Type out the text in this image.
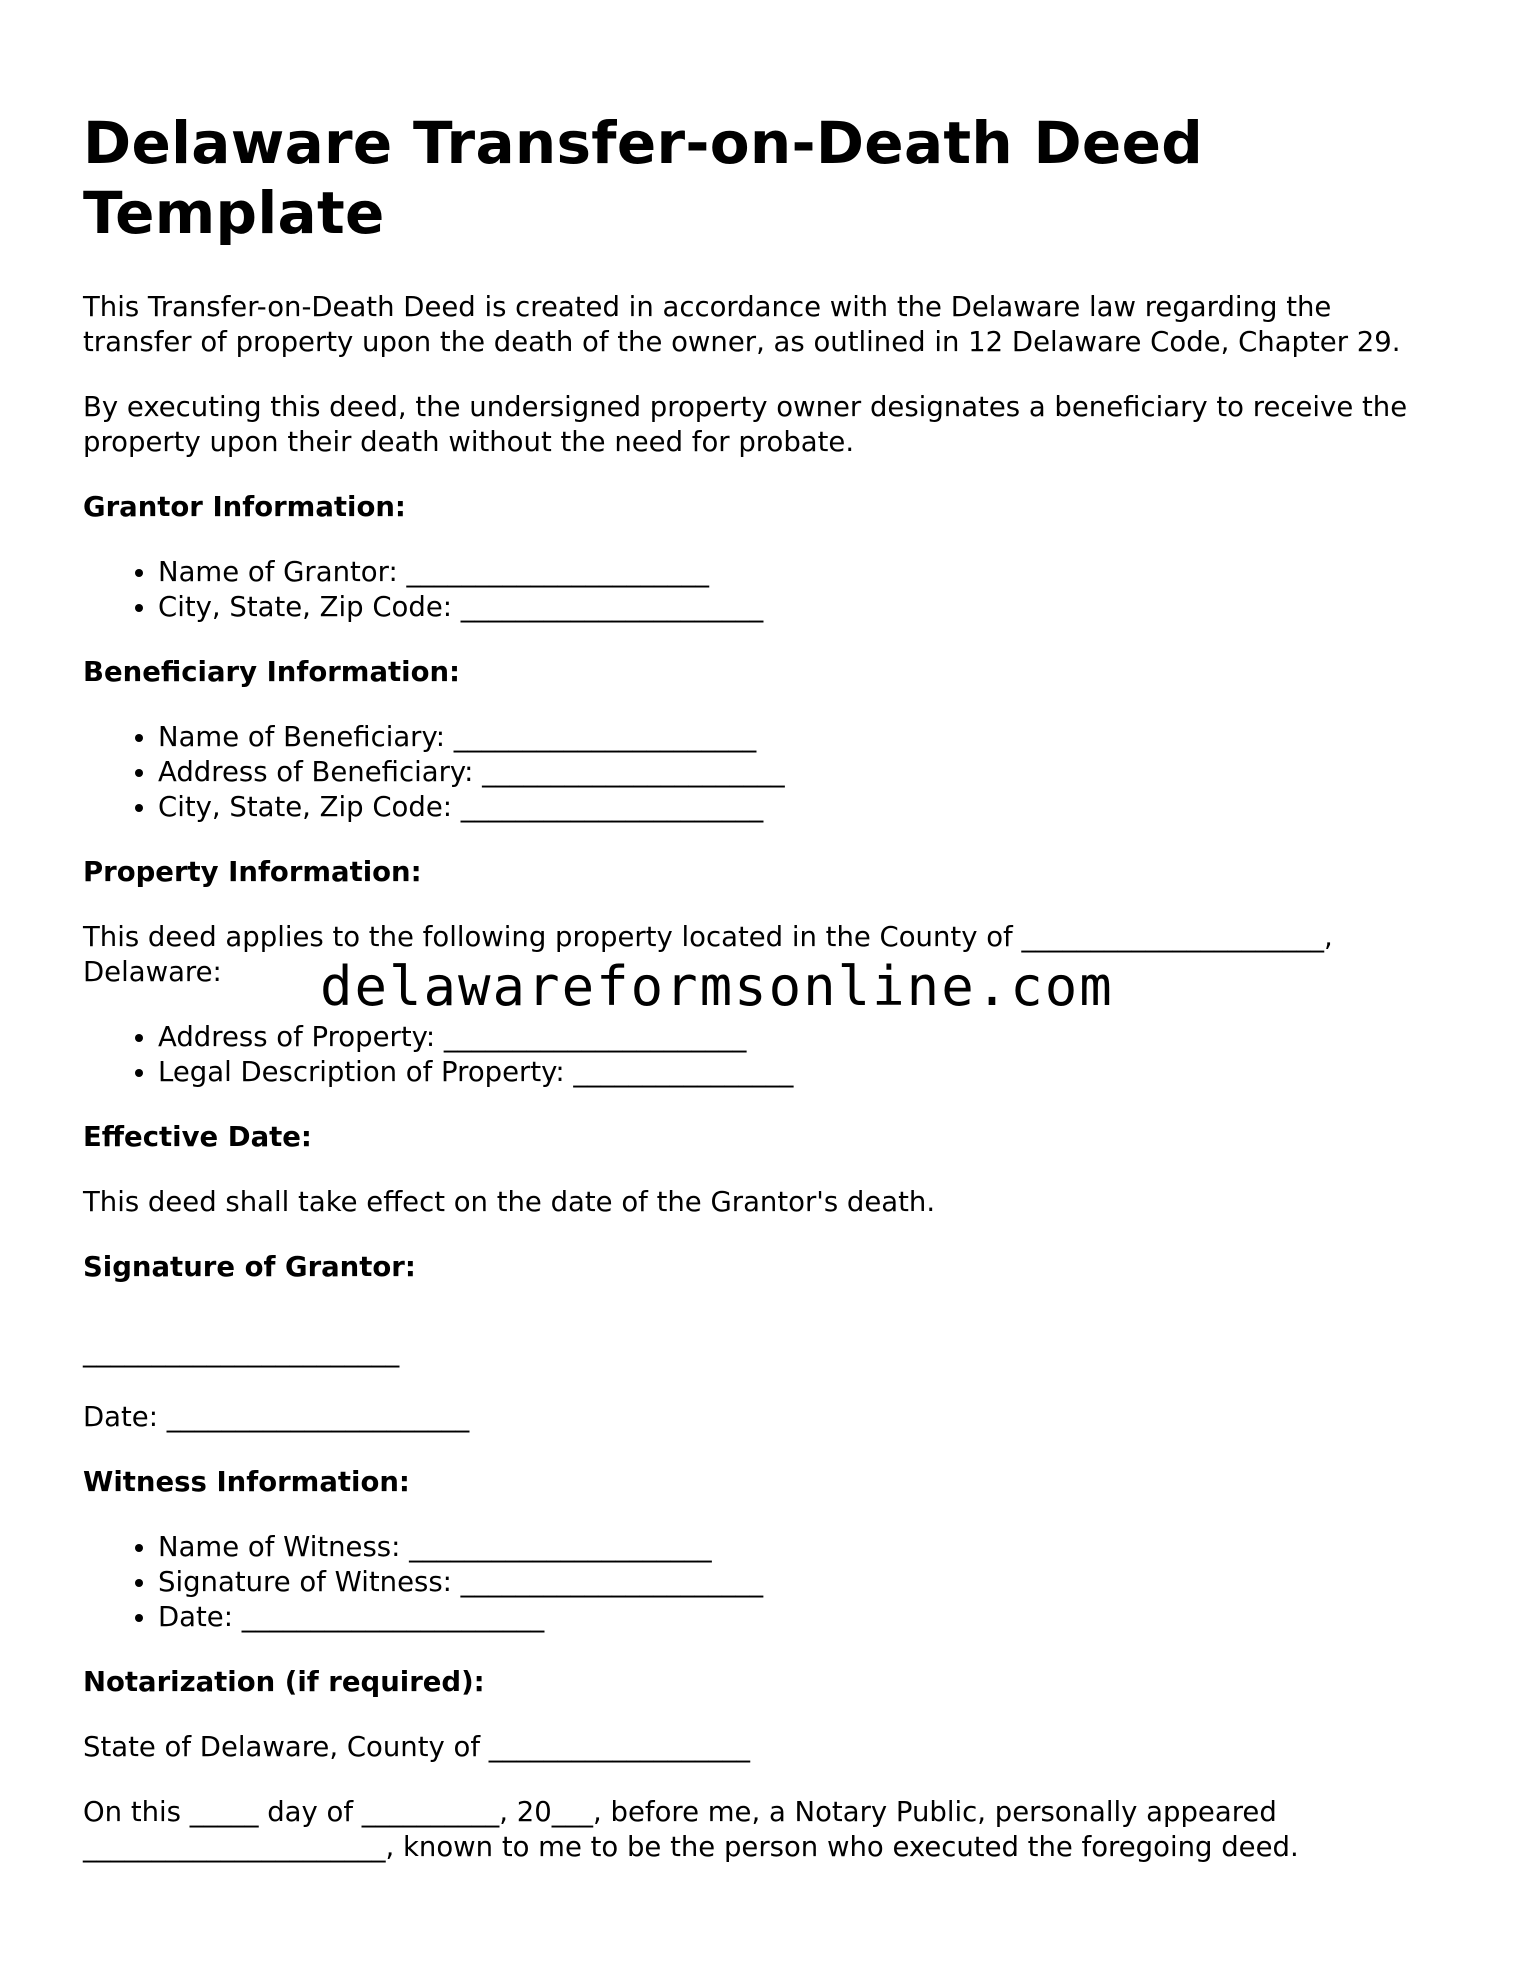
Delaware Transfer-on-Death Deed Template

This Transfer-on-Death Deed is created in accordance with the Delaware law regarding the transfer of property upon the death of the owner, as outlined in 12 Delaware Code, Chapter 29.

By executing this deed, the undersigned property owner designates a beneficiary to receive the property upon their death without the need for probate.

Grantor Information:
• Name of Grantor: ______________________
• City, State, Zip Code: ______________________
Beneficiary Information:
• Name of Beneficiary: ______________________
• Address of Beneficiary: ______________________
• City, State, Zip Code: ______________________
Property Information:

This deed applies to the following property located in the County of ______________________, Delaware:

• Address of Property: ______________________
• Legal Description of Property: ________________
Effective Date:

This deed shall take effect on the date of the Grantor's death.

Signature of Grantor:
_______________________

Date: ______________________

Witness Information:
• Name of Witness: ______________________
• Signature of Witness: ______________________
• Date: ______________________
Notarization (if required):

State of Delaware, County of ___________________

On this _____ day of __________, 20___, before me, a Notary Public, personally appeared ______________________, known to me to be the person who executed the foregoing deed.

delawareformsonline.com
